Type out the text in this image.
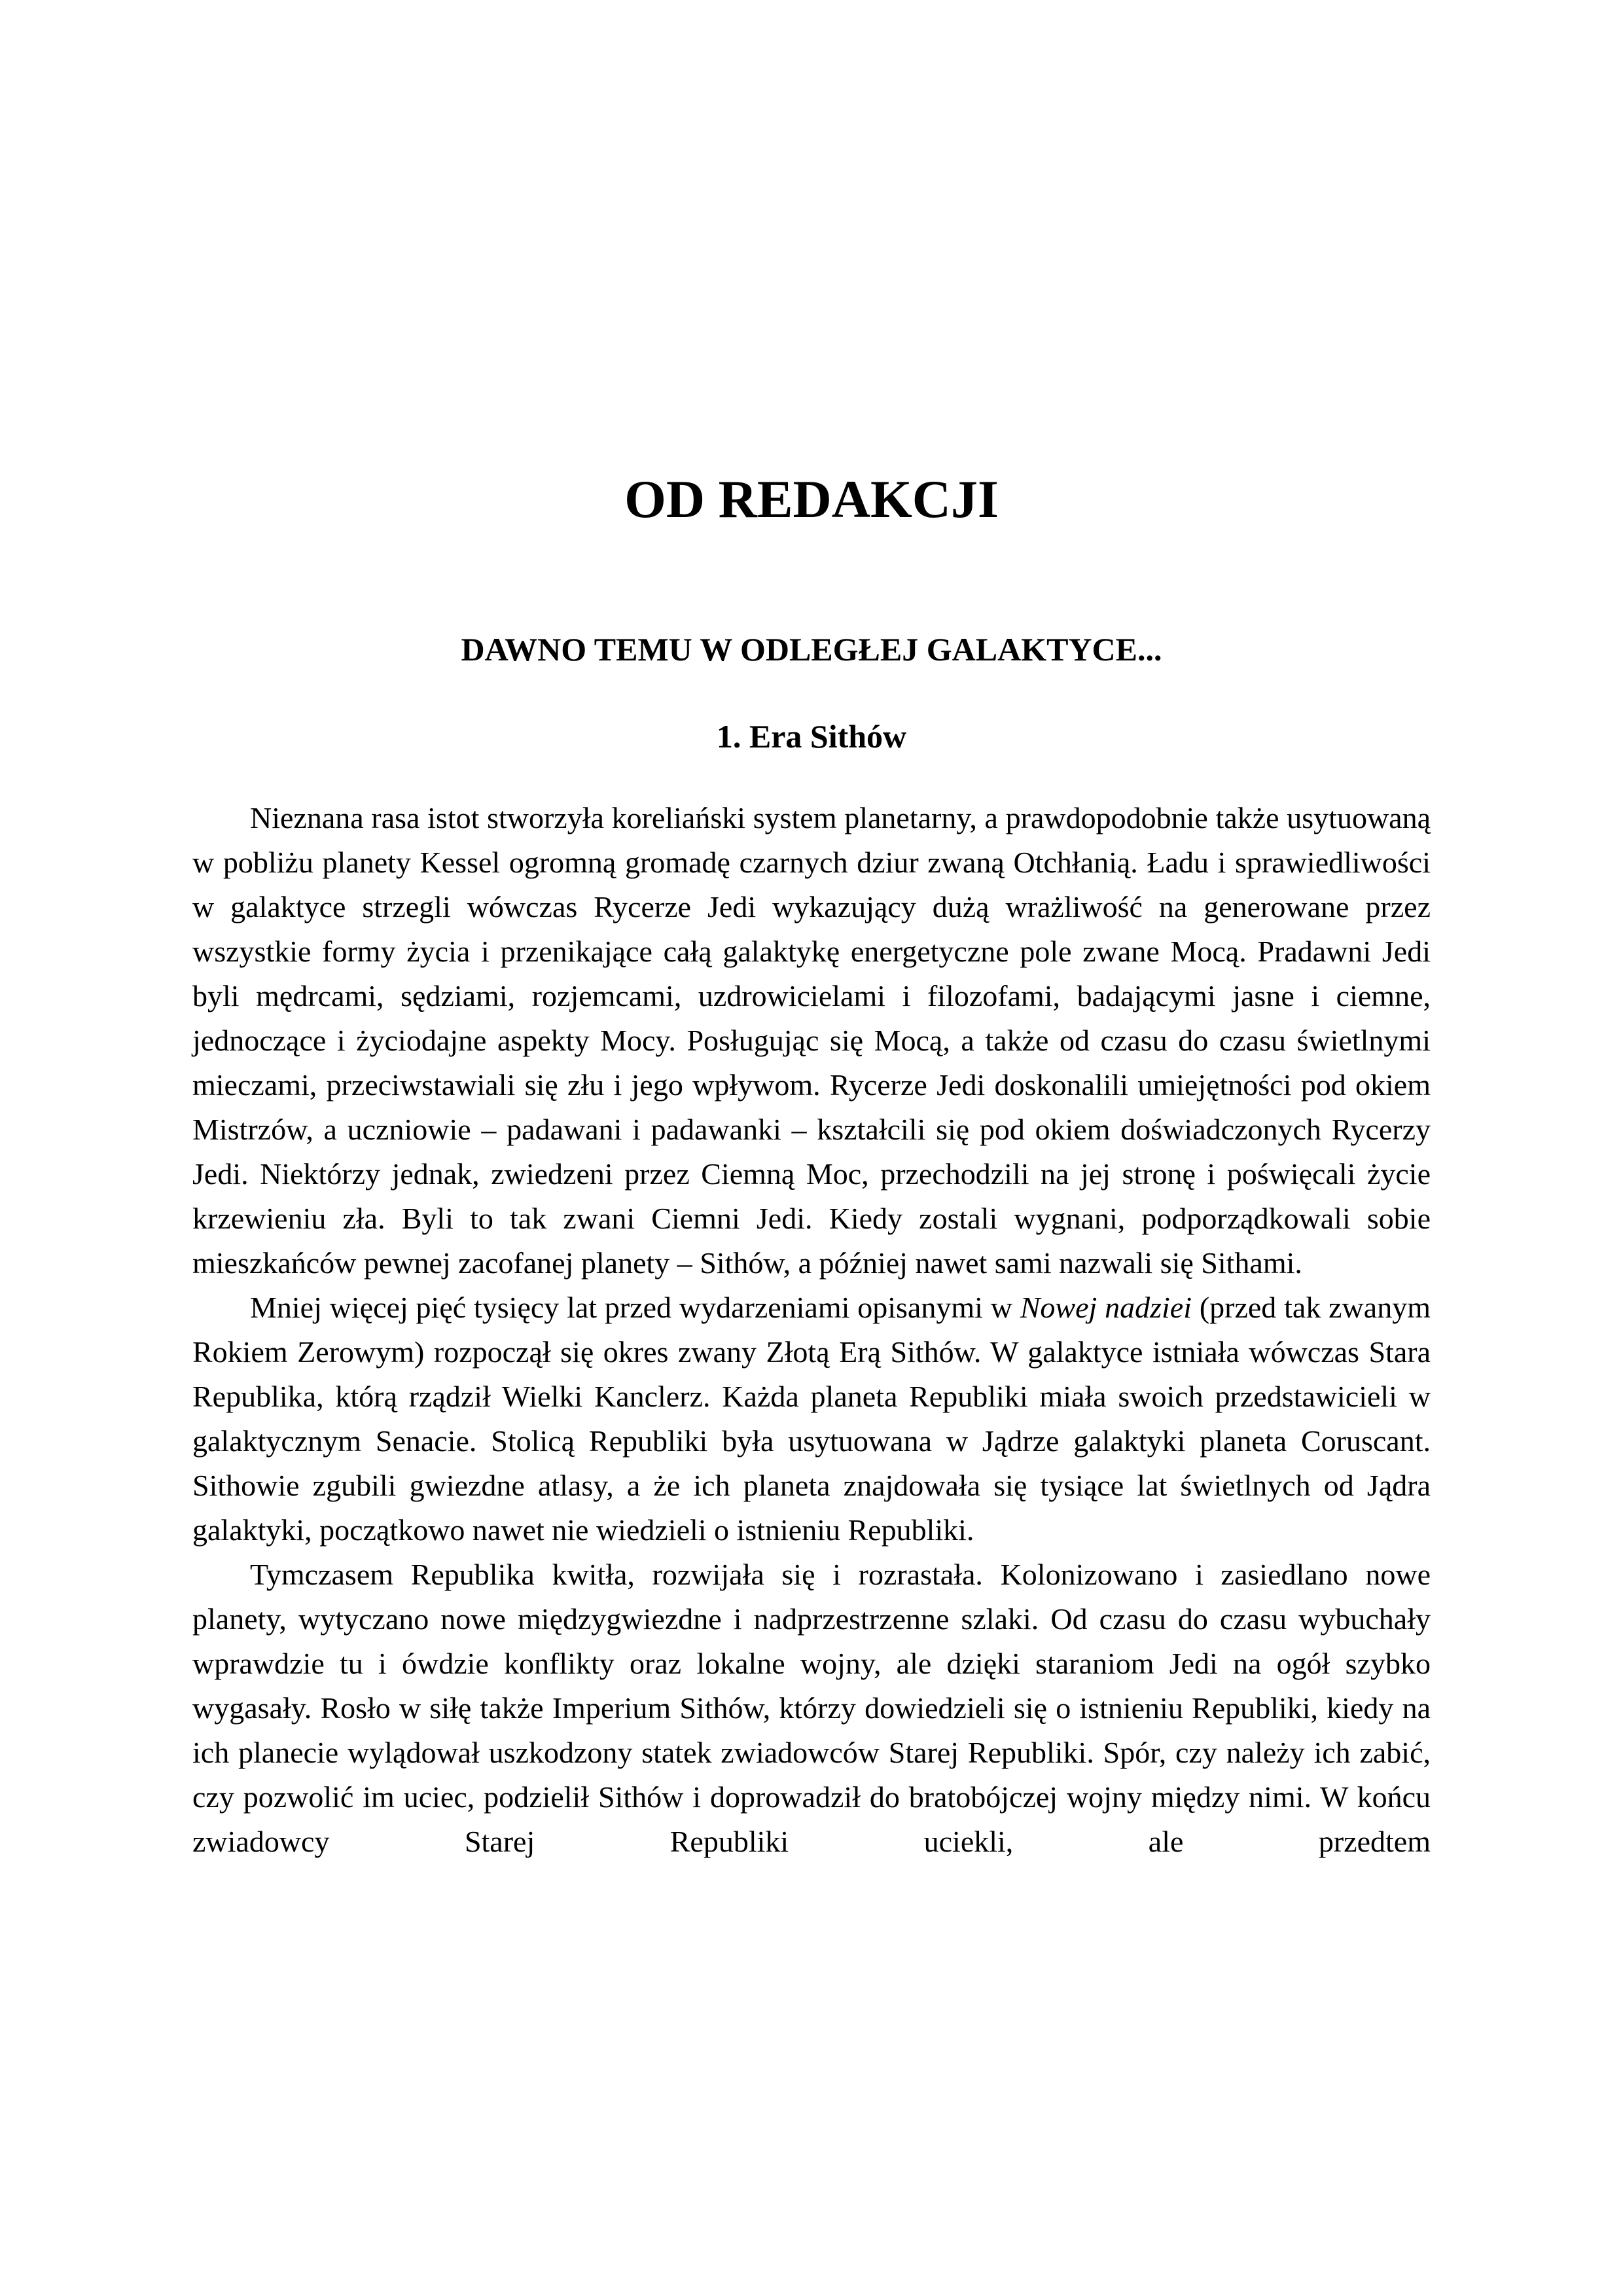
OD REDAKCJI
DAWNO TEMU W ODLEGŁEJ GALAKTYCE...
1. Era Sithów

Nieznana rasa istot stworzyła koreliański system planetarny, a prawdopodobnie także usytuowaną w pobliżu planety Kessel ogromną gromadę czarnych dziur zwaną Otchłanią. Ładu i sprawiedliwości w galaktyce strzegli wówczas Rycerze Jedi wykazujący dużą wrażliwość na generowane przez wszystkie formy życia i przenikające całą galaktykę energetyczne pole zwane Mocą. Pradawni Jedi byli mędrcami, sędziami, rozjemcami, uzdrowicielami i filozofami, badającymi jasne i ciemne, jednoczące i życiodajne aspekty Mocy. Posługując się Mocą, a także od czasu do czasu świetlnymi mieczami, przeciwstawiali się złu i jego wpływom. Rycerze Jedi doskonalili umiejętności pod okiem Mistrzów, a uczniowie – padawani i padawanki – kształcili się pod okiem doświadczonych Rycerzy Jedi. Niektórzy jednak, zwiedzeni przez Ciemną Moc, przechodzili na jej stronę i poświęcali życie krzewieniu zła. Byli to tak zwani Ciemni Jedi. Kiedy zostali wygnani, podporządkowali sobie mieszkańców pewnej zacofanej planety – Sithów, a później nawet sami nazwali się Sithami.

Mniej więcej pięć tysięcy lat przed wydarzeniami opisanymi w Nowej nadziei (przed tak zwanym Rokiem Zerowym) rozpoczął się okres zwany Złotą Erą Sithów. W galaktyce istniała wówczas Stara Republika, którą rządził Wielki Kanclerz. Każda planeta Republiki miała swoich przedstawicieli w galaktycznym Senacie. Stolicą Republiki była usytuowana w Jądrze galaktyki planeta Coruscant. Sithowie zgubili gwiezdne atlasy, a że ich planeta znajdowała się tysiące lat świetlnych od Jądra galaktyki, początkowo nawet nie wiedzieli o istnieniu Republiki.

Tymczasem Republika kwitła, rozwijała się i rozrastała. Kolonizowano i zasiedlano nowe planety, wytyczano nowe międzygwiezdne i nadprzestrzenne szlaki. Od czasu do czasu wybuchały wprawdzie tu i ówdzie konflikty oraz lokalne wojny, ale dzięki staraniom Jedi na ogół szybko wygasały. Rosło w siłę także Imperium Sithów, którzy dowiedzieli się o istnieniu Republiki, kiedy na ich planecie wylądował uszkodzony statek zwiadowców Starej Republiki. Spór, czy należy ich zabić, czy pozwolić im uciec, podzielił Sithów i doprowadził do bratobójczej wojny między nimi. W końcu zwiadowcy Starej Republiki uciekli, ale przedtem
